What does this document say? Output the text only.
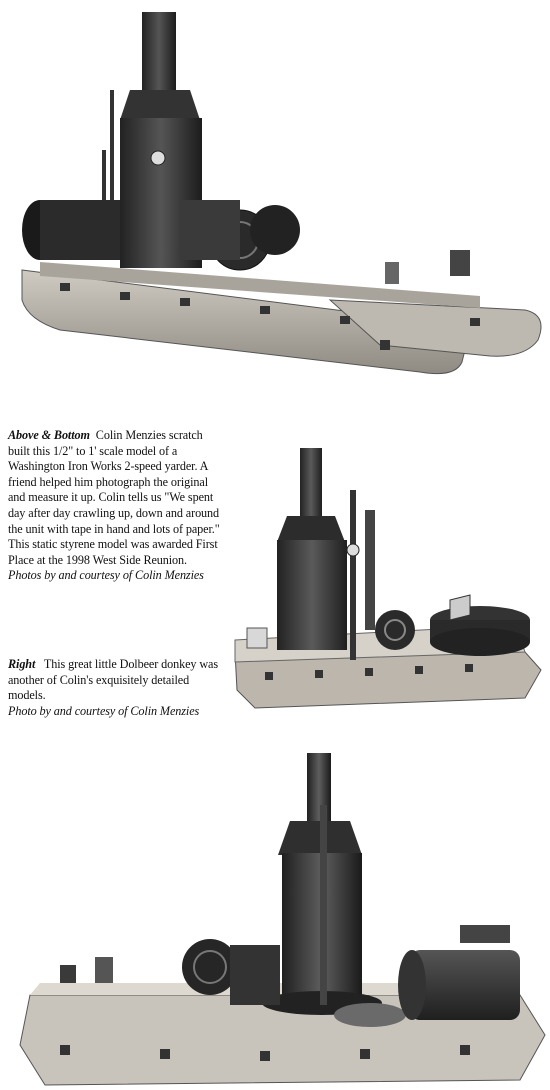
Above & Bottom Colin Menzies scratch built this 1/2" to 1' scale model of a Washington Iron Works 2-speed yarder. A friend helped him photograph the original and measure it up. Colin tells us "We spent day after day crawling up, down and around the unit with tape in hand and lots of paper." This static styrene model was awarded First Place at the 1998 West Side Reunion.
Photos by and courtesy of Colin Menzies
Right This great little Dolbeer donkey was another of Colin's exquisitely detailed models.
Photo by and courtesy of Colin Menzies
